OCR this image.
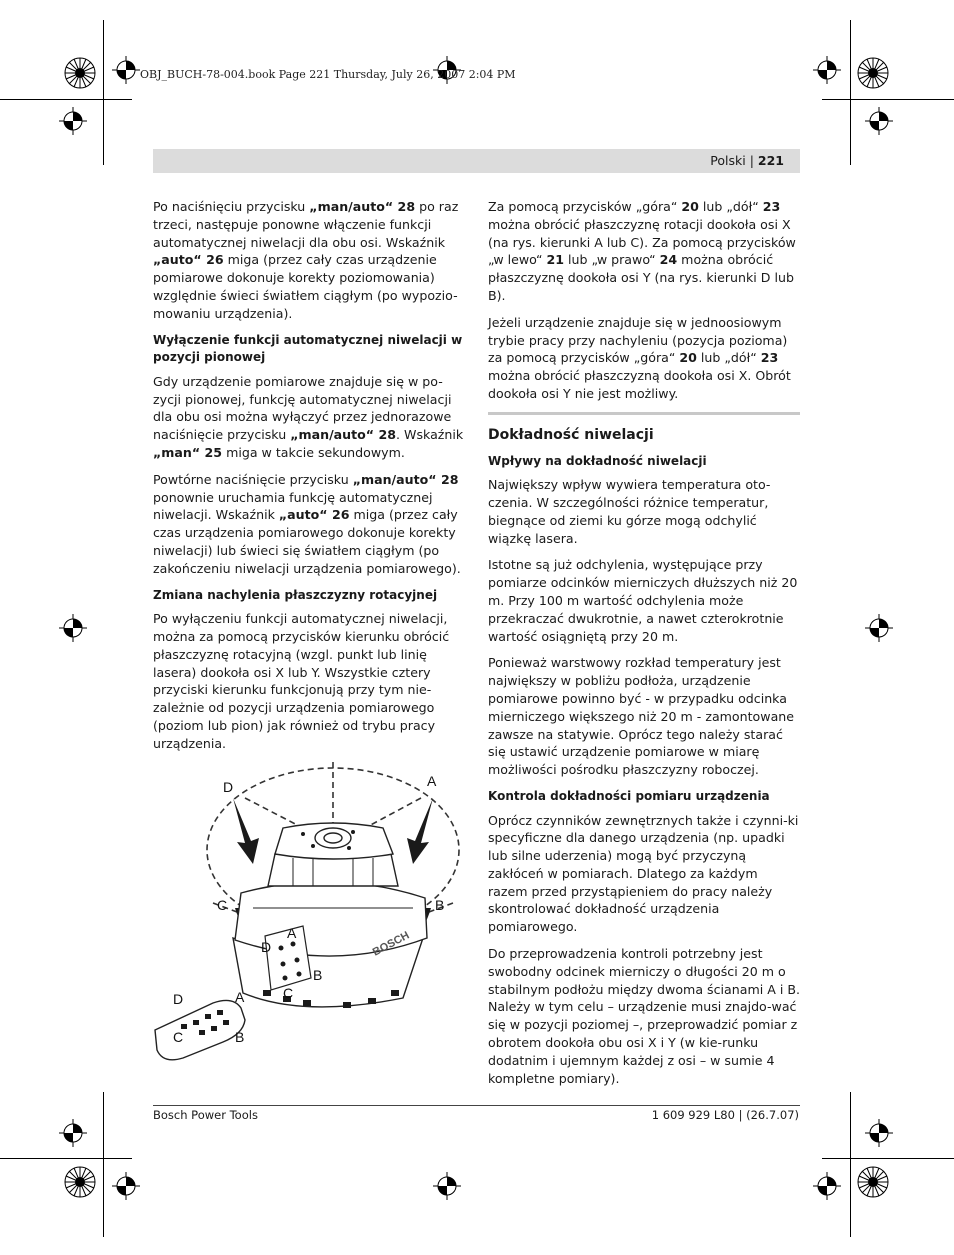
OBJ_BUCH-78-004.book Page 221 Thursday, July 26, 2007 2:04 PM
Polski | 221

Po naciśnięciu przycisku „man/auto“ 28 po raz trzeci, następuje ponowne włączenie funkcji automatycznej niwelacji dla obu osi. Wskaźnik „auto“ 26 miga (przez cały czas urządzenie pomiarowe dokonuje korekty poziomowania) względnie świeci światłem ciągłym (po wypozio-mowaniu urządzenia).

Wyłączenie funkcji automatycznej niwelacji w pozycji pionowej

Gdy urządzenie pomiarowe znajduje się w po-zycji pionowej, funkcję automatycznej niwelacji dla obu osi można wyłączyć przez jednorazowe naciśnięcie przycisku „man/auto“ 28. Wskaźnik „man“ 25 miga w takcie sekundowym.

Powtórne naciśnięcie przycisku „man/auto“ 28 ponownie uruchamia funkcję automatycznej niwelacji. Wskaźnik „auto“ 26 miga (przez cały czas urządzenia pomiarowego dokonuje korekty niwelacji) lub świeci się światłem ciągłym (po zakończeniu niwelacji urządzenia pomiarowego).

Zmiana nachylenia płaszczyzny rotacyjnej

Po wyłączeniu funkcji automatycznej niwelacji, można za pomocą przycisków kierunku obrócić płaszczyznę rotacyjną (wzgl. punkt lub linię lasera) dookoła osi X lub Y. Wszystkie cztery przyciski kierunku funkcjonują przy tym nie-zależnie od pozycji urządzenia pomiarowego (poziom lub pion) jak również od trybu pracy urządzenia.

D	A
C	B
A
D
B
C
D	A
C	B
BOSCH

Za pomocą przycisków „góra“ 20 lub „dół“ 23 można obrócić płaszczyznę rotacji dookoła osi X (na rys. kierunki A lub C). Za pomocą przycisków „w lewo“ 21 lub „w prawo“ 24 można obrócić płaszczyznę dookoła osi Y (na rys. kierunki D lub B).

Jeżeli urządzenie znajduje się w jednoosiowym trybie pracy przy nachyleniu (pozycja pozioma) za pomocą przycisków „góra“ 20 lub „dół“ 23 można obrócić płaszczyzną dookoła osi X. Obrót dookoła osi Y nie jest możliwy.

Dokładność niwelacji
Wpływy na dokładność niwelacji

Największy wpływ wywiera temperatura oto-czenia. W szczególności różnice temperatur, biegnące od ziemi ku górze mogą odchylić wiązkę lasera.

Istotne są już odchylenia, występujące przy pomiarze odcinków mierniczych dłuższych niż 20 m. Przy 100 m wartość odchylenia może przekraczać dwukrotnie, a nawet czterokrotnie wartość osiągniętą przy 20 m.

Ponieważ warstwowy rozkład temperatury jest największy w pobliżu podłoża, urządzenie pomiarowe powinno być - w przypadku odcinka mierniczego większego niż 20 m - zamontowane zawsze na statywie. Oprócz tego należy starać się ustawić urządzenie pomiarowe w miarę możliwości pośrodku płaszczyzny roboczej.

Kontrola dokładności pomiaru urządzenia

Oprócz czynników zewnętrznych także i czynni-ki specyficzne dla danego urządzenia (np. upadki lub silne uderzenia) mogą być przyczyną zakłóceń w pomiarach. Dlatego za każdym razem przed przystąpieniem do pracy należy skontrolować dokładność urządzenia pomiarowego.

Do przeprowadzenia kontroli potrzebny jest swobodny odcinek mierniczy o długości 20 m o stabilnym podłożu między dwoma ścianami A i B. Należy w tym celu – urządzenie musi znajdo-wać się w pozycji poziomej –, przeprowadzić pomiar z obrotem dookoła obu osi X i Y (w kie-runku dodatnim i ujemnym każdej z osi – w sumie 4 kompletne pomiary).

Bosch Power Tools	1 609 929 L80 | (26.7.07)
